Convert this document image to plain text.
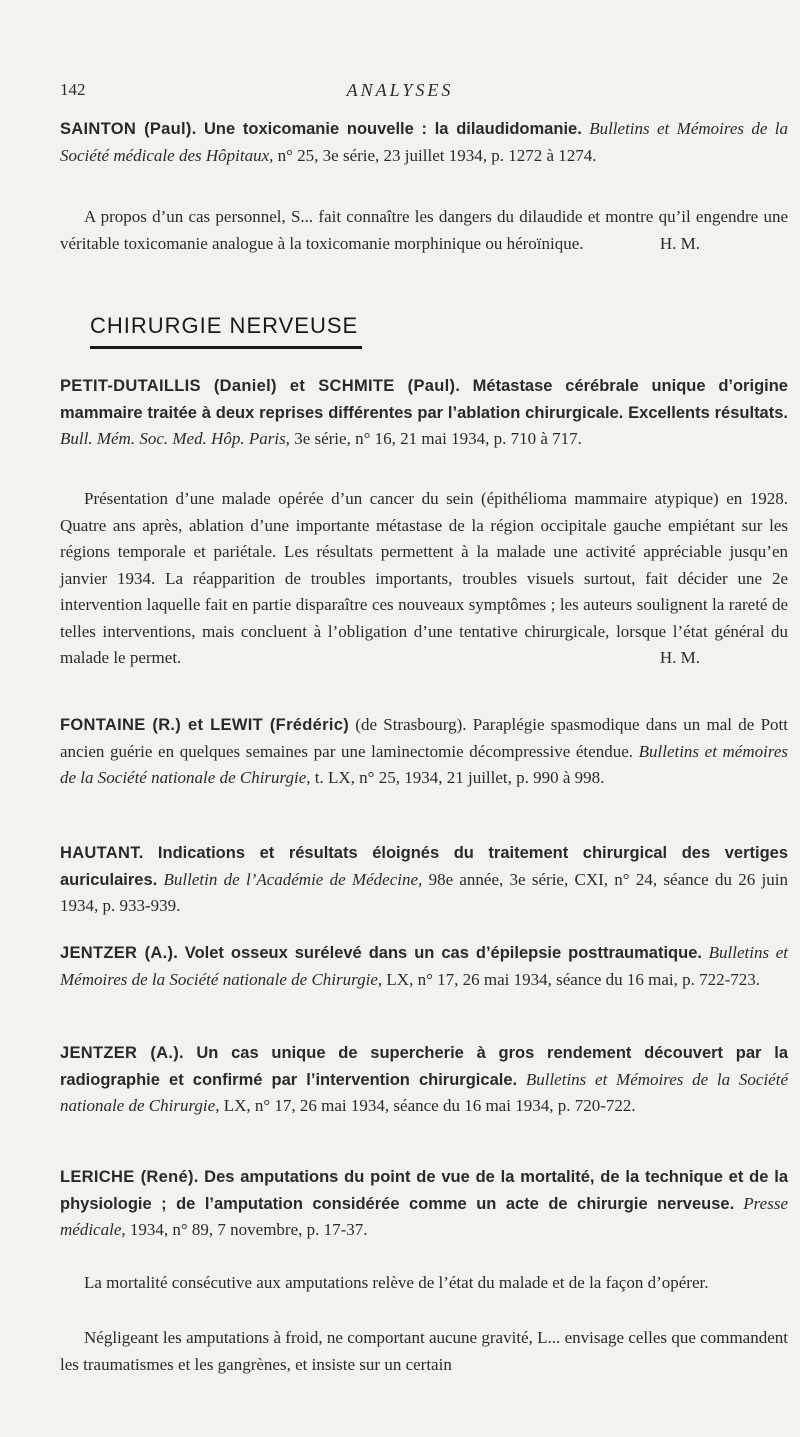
142	ANALYSES
SAINTON (Paul). Une toxicomanie nouvelle : la dilaudidomanie. Bulletins et Mémoires de la Société médicale des Hôpitaux, n° 25, 3e série, 23 juillet 1934, p. 1272 à 1274.
A propos d’un cas personnel, S... fait connaître les dangers du dilaudide et montre qu’il engendre une véritable toxicomanie analogue à la toxicomanie morphinique ou héroïnique.	H. M.
CHIRURGIE NERVEUSE
PETIT-DUTAILLIS (Daniel) et SCHMITE (Paul). Métastase cérébrale unique d’origine mammaire traitée à deux reprises différentes par l’ablation chirurgicale. Excellents résultats. Bull. Mém. Soc. Med. Hôp. Paris, 3e série, n° 16, 21 mai 1934, p. 710 à 717.
Présentation d’une malade opérée d’un cancer du sein (épithélioma mammaire atypique) en 1928. Quatre ans après, ablation d’une importante métastase de la région occipitale gauche empiétant sur les régions temporale et pariétale. Les résultats permettent à la malade une activité appréciable jusqu’en janvier 1934. La réapparition de troubles importants, troubles visuels surtout, fait décider une 2e intervention laquelle fait en partie disparaître ces nouveaux symptômes ; les auteurs soulignent la rareté de telles interventions, mais concluent à l’obligation d’une tentative chirurgicale, lorsque l’état général du malade le permet.	H. M.
FONTAINE (R.) et LEWIT (Frédéric) (de Strasbourg). Paraplégie spasmodique dans un mal de Pott ancien guérie en quelques semaines par une laminectomie décompressive étendue. Bulletins et mémoires de la Société nationale de Chirurgie, t. LX, n° 25, 1934, 21 juillet, p. 990 à 998.
HAUTANT. Indications et résultats éloignés du traitement chirurgical des vertiges auriculaires. Bulletin de l’Académie de Médecine, 98e année, 3e série, CXI, n° 24, séance du 26 juin 1934, p. 933-939.
JENTZER (A.). Volet osseux surélevé dans un cas d’épilepsie posttraumatique. Bulletins et Mémoires de la Société nationale de Chirurgie, LX, n° 17, 26 mai 1934, séance du 16 mai, p. 722-723.
JENTZER (A.). Un cas unique de supercherie à gros rendement découvert par la radiographie et confirmé par l’intervention chirurgicale. Bulletins et Mémoires de la Société nationale de Chirurgie, LX, n° 17, 26 mai 1934, séance du 16 mai 1934, p. 720-722.
LERICHE (René). Des amputations du point de vue de la mortalité, de la technique et de la physiologie ; de l’amputation considérée comme un acte de chirurgie nerveuse. Presse médicale, 1934, n° 89, 7 novembre, p. 17-37.
La mortalité consécutive aux amputations relève de l’état du malade et de la façon d’opérer.
Négligeant les amputations à froid, ne comportant aucune gravité, L... envisage celles que commandent les traumatismes et les gangrènes, et insiste sur un certain
